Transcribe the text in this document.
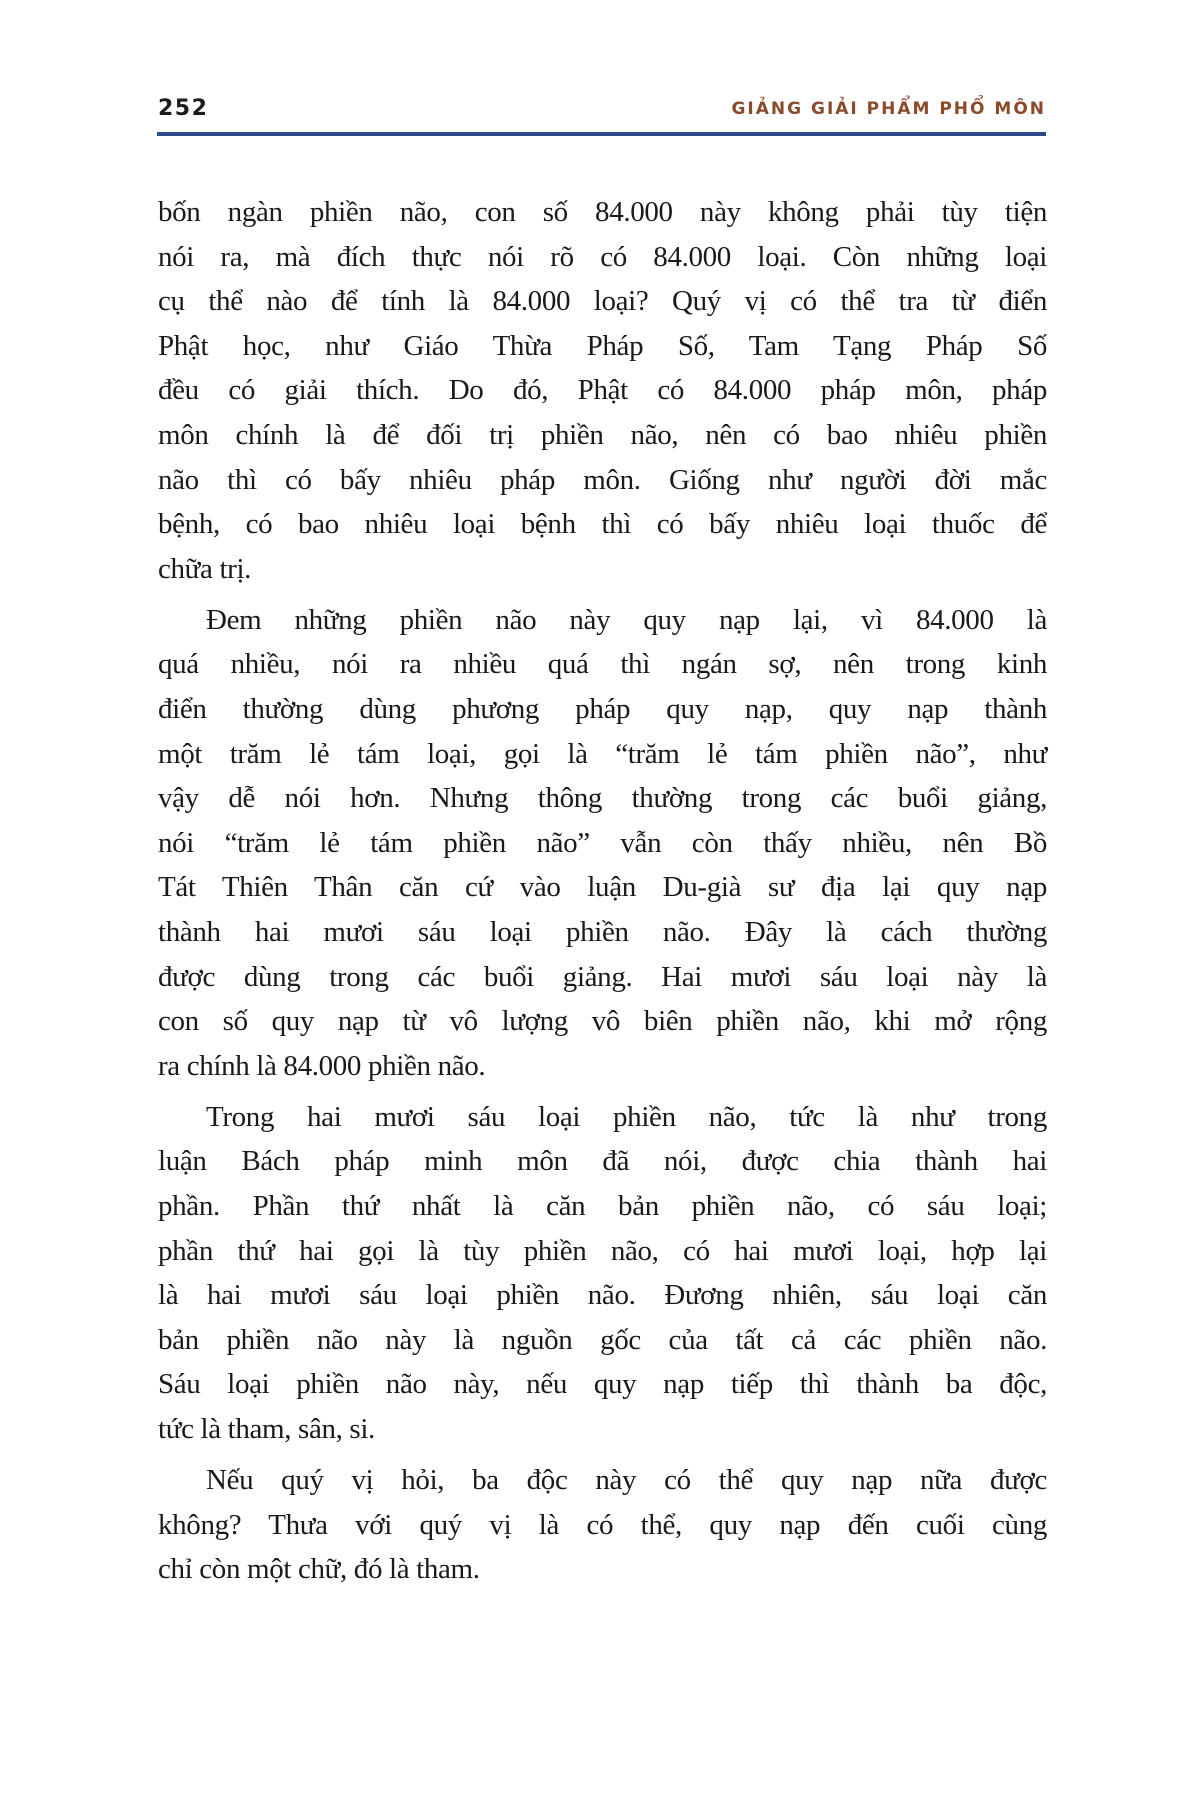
252	GIẢNG GIẢI PHẨM PHỔ MÔN
bốn ngàn phiền não, con số 84.000 này không phải tùy tiện
nói ra, mà đích thực nói rõ có 84.000 loại. Còn những loại
cụ thể nào để tính là 84.000 loại? Quý vị có thể tra từ điển
Phật học, như Giáo Thừa Pháp Số, Tam Tạng Pháp Số
đều có giải thích. Do đó, Phật có 84.000 pháp môn, pháp
môn chính là để đối trị phiền não, nên có bao nhiêu phiền
não thì có bấy nhiêu pháp môn. Giống như người đời mắc
bệnh, có bao nhiêu loại bệnh thì có bấy nhiêu loại thuốc để
chữa trị.
Đem những phiền não này quy nạp lại, vì 84.000 là
quá nhiều, nói ra nhiều quá thì ngán sợ, nên trong kinh
điển thường dùng phương pháp quy nạp, quy nạp thành
một trăm lẻ tám loại, gọi là “trăm lẻ tám phiền não”, như
vậy dễ nói hơn. Nhưng thông thường trong các buổi giảng,
nói “trăm lẻ tám phiền não” vẫn còn thấy nhiều, nên Bồ
Tát Thiên Thân căn cứ vào luận Du-già sư địa lại quy nạp
thành hai mươi sáu loại phiền não. Đây là cách thường
được dùng trong các buổi giảng. Hai mươi sáu loại này là
con số quy nạp từ vô lượng vô biên phiền não, khi mở rộng
ra chính là 84.000 phiền não.
Trong hai mươi sáu loại phiền não, tức là như trong
luận Bách pháp minh môn đã nói, được chia thành hai
phần. Phần thứ nhất là căn bản phiền não, có sáu loại;
phần thứ hai gọi là tùy phiền não, có hai mươi loại, hợp lại
là hai mươi sáu loại phiền não. Đương nhiên, sáu loại căn
bản phiền não này là nguồn gốc của tất cả các phiền não.
Sáu loại phiền não này, nếu quy nạp tiếp thì thành ba độc,
tức là tham, sân, si.
Nếu quý vị hỏi, ba độc này có thể quy nạp nữa được
không? Thưa với quý vị là có thể, quy nạp đến cuối cùng
chỉ còn một chữ, đó là tham.
